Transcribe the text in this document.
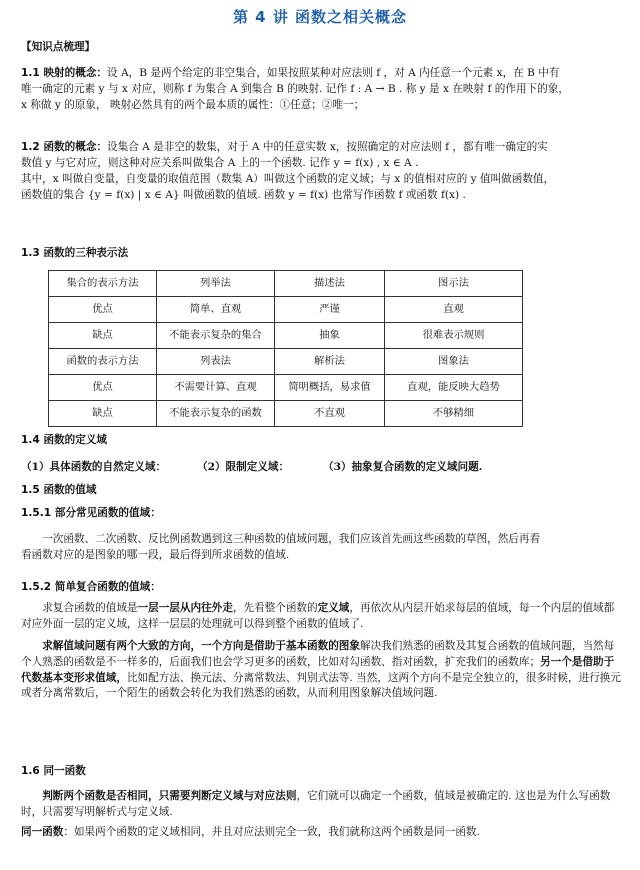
第 4 讲 函数之相关概念
【知识点梳理】

1.1 映射的概念：设 A，B 是两个给定的非空集合，如果按照某种对应法则 f ，对 A 内任意一个元素 x，在 B 中有

唯一确定的元素 y 与 x 对应，则称 f 为集合 A 到集合 B 的映射. 记作 f : A → B . 称 y 是 x 在映射 f 的作用下的象，

x 称做 y 的原象， 映射必然具有的两个最本质的属性：①任意；②唯一；

1.2 函数的概念：设集合 A 是非空的数集，对于 A 中的任意实数 x，按照确定的对应法则 f ，都有唯一确定的实

数值 y 与它对应，则这种对应关系叫做集合 A 上的一个函数. 记作 y = f(x) , x ∈ A .

其中，x 叫做自变量，自变量的取值范围（数集 A）叫做这个函数的定义域；与 x 的值相对应的 y 值叫做函数值，

函数值的集合 {y = f(x) | x ∈ A} 叫做函数的值域. 函数 y = f(x) 也常写作函数 f 或函数 f(x) .

1.3 函数的三种表示法
集合的表示方法	列举法	描述法	图示法
优点	简单、直观	严谨	直观
缺点	不能表示复杂的集合	抽象	很难表示规则
函数的表示方法	列表法	解析法	图象法
优点	不需要计算、直观	简明概括，易求值	直观，能反映大趋势
缺点	不能表示复杂的函数	不直观	不够精细
1.4 函数的定义域
（1）具体函数的自然定义域：	（2）限制定义域：	（3）抽象复合函数的定义域问题.
1.5 函数的值域
1.5.1 部分常见函数的值域：

一次函数、二次函数、反比例函数遇到这三种函数的值域问题，我们应该首先画这些函数的草图，然后再看

看函数对应的是图象的哪一段，最后得到所求函数的值域.

1.5.2 简单复合函数的值域：

求复合函数的值域是一层一层从内往外走，先看整个函数的定义域，再依次从内层开始求每层的值域，每一个内层的值域都对应外面一层的定义域，这样一层层的处理就可以得到整个函数的值域了.

求解值域问题有两个大致的方向，一个方向是借助于基本函数的图象解决我们熟悉的函数及其复合函数的值域问题，当然每个人熟悉的函数是不一样多的，后面我们也会学习更多的函数，比如对勾函数、指对函数，扩充我们的函数库；另一个是借助于代数基本变形求值域，比如配方法、换元法、分离常数法、判别式法等. 当然，这两个方向不是完全独立的，很多时候，进行换元或者分离常数后，一个陌生的函数会转化为我们熟悉的函数，从而利用图象解决值域问题.

1.6 同一函数

判断两个函数是否相同，只需要判断定义域与对应法则，它们就可以确定一个函数，值域是被确定的. 这也是为什么写函数时，只需要写明解析式与定义域.

同一函数：如果两个函数的定义域相同，并且对应法则完全一致，我们就称这两个函数是同一函数.
